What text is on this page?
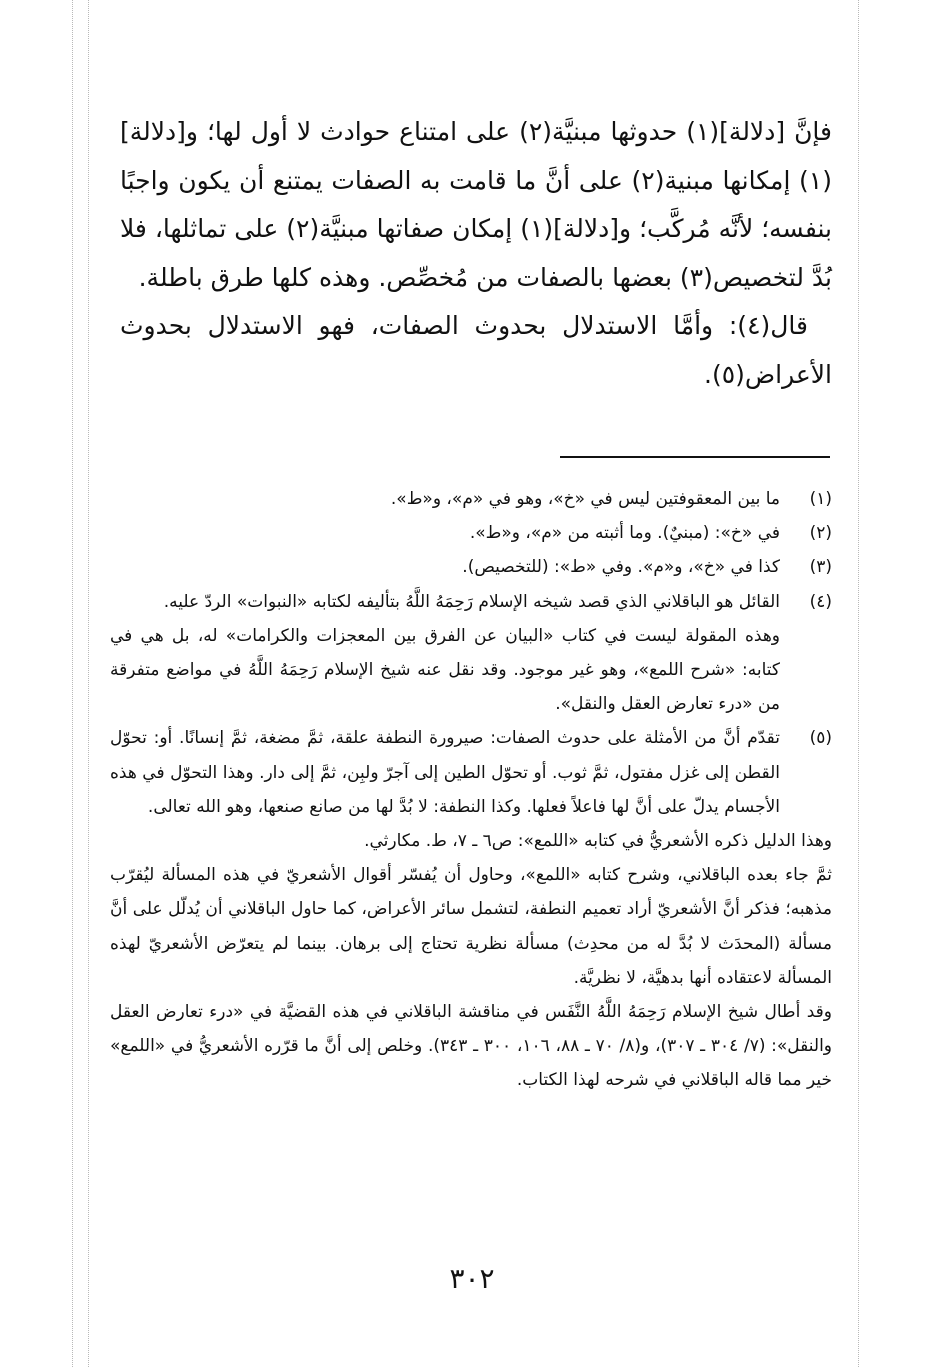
فإنَّ [دلالة](١) حدوثها مبنيَّة(٢) على امتناع حوادث لا أول لها؛ و[دلالة](١) إمكانها مبنية(٢) على أنَّ ما قامت به الصفات يمتنع أن يكون واجبًا بنفسه؛ لأنَّه مُركَّب؛ و[دلالة](١) إمكان صفاتها مبنيَّة(٢) على تماثلها، فلا بُدَّ لتخصيص(٣) بعضها بالصفات من مُخصِّص. وهذه كلها طرق باطلة.

قال(٤): وأمَّا الاستدلال بحدوث الصفات، فهو الاستدلال بحدوث الأعراض(٥).

(١)

ما بين المعقوفتين ليس في «خ»، وهو في «م»، و«ط».

(٢)

في «خ»: (مبنيٌ). وما أثبته من «م»، و«ط».

(٣)

كذا في «خ»، و«م». وفي «ط»: (للتخصيص).

(٤)

القائل هو الباقلاني الذي قصد شيخه الإسلام رَحِمَهُ اللَّهُ بتأليفه لكتابه «النبوات» الردّ عليه.

وهذه المقولة ليست في كتاب «البيان عن الفرق بين المعجزات والكرامات» له، بل هي في كتابه: «شرح اللمع»، وهو غير موجود. وقد نقل عنه شيخ الإسلام رَحِمَهُ اللَّهُ في مواضع متفرقة من «درء تعارض العقل والنقل».

(٥)

تقدّم أنَّ من الأمثلة على حدوث الصفات: صيرورة النطفة علقة، ثمَّ مضغة، ثمَّ إنسانًا. أو: تحوّل القطن إلى غزل مفتول، ثمَّ ثوب. أو تحوّل الطين إلى آجرّ ولبِن، ثمَّ إلى دار. وهذا التحوّل في هذه الأجسام يدلّ على أنَّ لها فاعلاً فعلها. وكذا النطفة: لا بُدَّ لها من صانع صنعها، وهو الله تعالى.

وهذا الدليل ذكره الأشعريُّ في كتابه «اللمع»: ص٦ ـ ٧، ط. مكارثي.

ثمَّ جاء بعده الباقلاني، وشرح كتابه «اللمع»، وحاول أن يُفسّر أقوال الأشعريّ في هذه المسألة ليُقرّب مذهبه؛ فذكر أنَّ الأشعريّ أراد تعميم النطفة، لتشمل سائر الأعراض، كما حاول الباقلاني أن يُدلّل على أنَّ مسألة (المحدَث لا بُدَّ له من محدِث) مسألة نظرية تحتاج إلى برهان. بينما لم يتعرّض الأشعريّ لهذه المسألة لاعتقاده أنها بدهيَّة، لا نظريَّة.

وقد أطال شيخ الإسلام رَحِمَهُ اللَّهُ النَّفَس في مناقشة الباقلاني في هذه القضيَّة في «درء تعارض العقل والنقل»: (٧/ ٣٠٤ ـ ٣٠٧)، و(٨/ ٧٠ ـ ٨٨، ١٠٦، ٣٠٠ ـ ٣٤٣). وخلص إلى أنَّ ما قرّره الأشعريُّ في «اللمع» خير مما قاله الباقلاني في شرحه لهذا الكتاب.

٣٠٢
